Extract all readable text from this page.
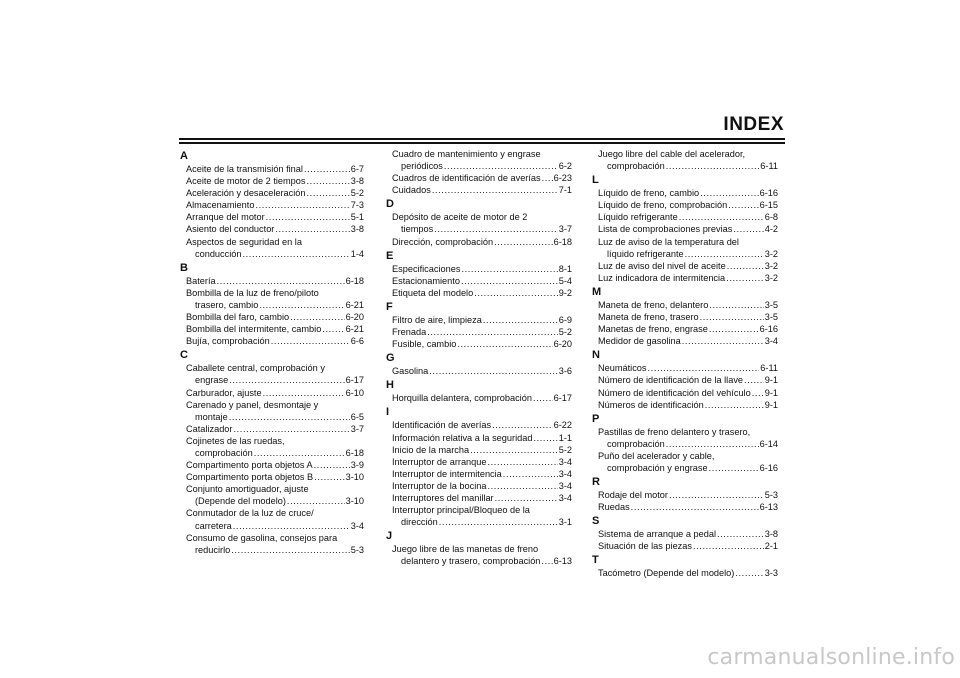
INDEX
A
Aceite de la transmisión final .....	6-7
Aceite de motor de 2 tiempos .....	3-8
Aceleración y desaceleración .....	5-2
Almacenamiento .....	7-3
Arranque del motor .....	5-1
Asiento del conductor .....	3-8
Aspectos de seguridad en la
conducción .....	1-4
B
Batería .....	6-18
Bombilla de la luz de freno/piloto
trasero, cambio .....	6-21
Bombilla del faro, cambio .....	6-20
Bombilla del intermitente, cambio .....	6-21
Bujía, comprobación .....	6-6
C
Caballete central, comprobación y
engrase .....	6-17
Carburador, ajuste .....	6-10
Carenado y panel, desmontaje y
montaje .....	6-5
Catalizador .....	3-7
Cojinetes de las ruedas,
comprobación .....	6-18
Compartimento porta objetos A .....	3-9
Compartimento porta objetos B .....	3-10
Conjunto amortiguador, ajuste
(Depende del modelo) .....	3-10
Conmutador de la luz de cruce/
carretera .....	3-4
Consumo de gasolina, consejos para
reducirlo .....	5-3
Cuadro de mantenimiento y engrase
periódicos .....	6-2
Cuadros de identificación de averías ..... 6-23
Cuidados .....	7-1
D
Depósito de aceite de motor de 2
tiempos .....	3-7
Dirección, comprobación .....	6-18
E
Especificaciones .....	8-1
Estacionamiento .....	5-4
Etiqueta del modelo .....	9-2
F
Filtro de aire, limpieza .....	6-9
Frenada .....	5-2
Fusible, cambio .....	6-20
G
Gasolina .....	3-6
H
Horquilla delantera, comprobación ..... 6-17
I
Identificación de averías .....	6-22
Información relativa a la seguridad .....	1-1
Inicio de la marcha .....	5-2
Interruptor de arranque .....	3-4
Interruptor de intermitencia .....	3-4
Interruptor de la bocina .....	3-4
Interruptores del manillar .....	3-4
Interruptor principal/Bloqueo de la
dirección .....	3-1
J
Juego libre de las manetas de freno
delantero y trasero, comprobación ..... 6-13
Juego libre del cable del acelerador,
comprobación .....	6-11
L
Líquido de freno, cambio .....	6-16
Líquido de freno, comprobación .....	6-15
Líquido refrigerante .....	6-8
Lista de comprobaciones previas .....	4-2
Luz de aviso de la temperatura del
líquido refrigerante .....	3-2
Luz de aviso del nivel de aceite .....	3-2
Luz indicadora de intermitencia .....	3-2
M
Maneta de freno, delantero .....	3-5
Maneta de freno, trasero .....	3-5
Manetas de freno, engrase .....	6-16
Medidor de gasolina .....	3-4
N
Neumáticos .....	6-11
Número de identificación de la llave ..... 9-1
Número de identificación del vehículo ..... 9-1
Números de identificación .....	9-1
P
Pastillas de freno delantero y trasero,
comprobación .....	6-14
Puño del acelerador y cable,
comprobación y engrase .....	6-16
R
Rodaje del motor .....	5-3
Ruedas .....	6-13
S
Sistema de arranque a pedal .....	3-8
Situación de las piezas .....	2-1
T
Tacómetro (Depende del modelo) .....	3-3
carmanualsonline.info
